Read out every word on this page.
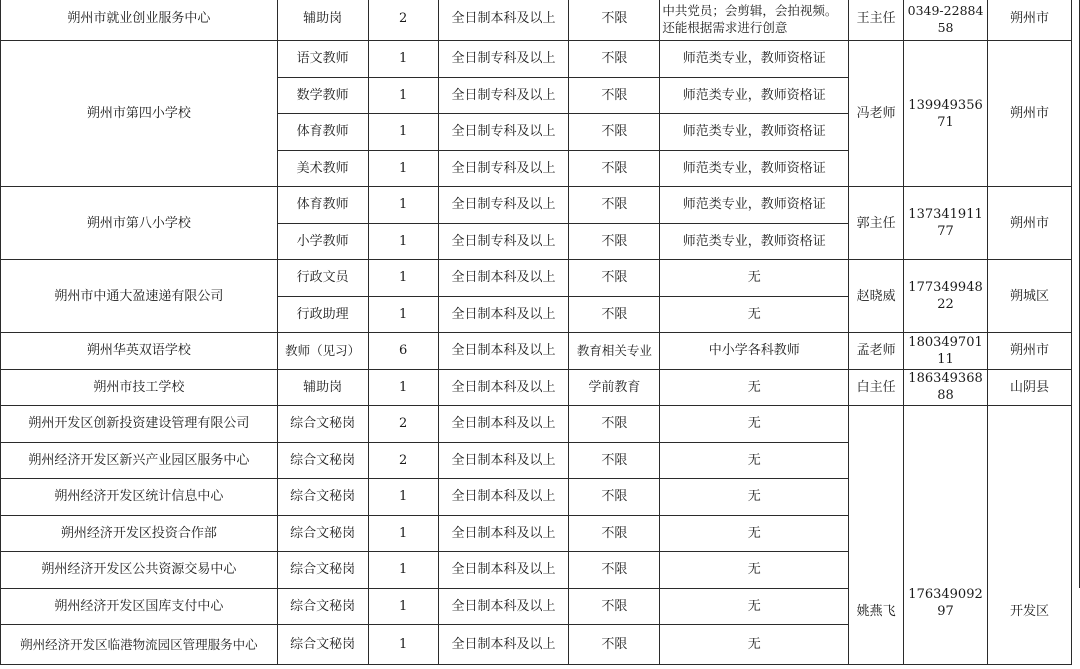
朔州市就业创业服务中心	辅助岗	2	全日制本科及以上	不限	中共党员；会剪辑，会拍视频。还能根据需求进行创意	王主任	0349-2288458	朔州市	
朔州市第四小学校	语文教师	1	全日制专科及以上	不限	师范类专业，教师资格证	冯老师	13994935671	朔州市	
	数学教师	1	全日制专科及以上	不限	师范类专业，教师资格证				
	体育教师	1	全日制专科及以上	不限	师范类专业，教师资格证				
	美术教师	1	全日制专科及以上	不限	师范类专业，教师资格证				
朔州市第八小学校	体育教师	1	全日制专科及以上	不限	师范类专业，教师资格证	郭主任	13734191177	朔州市	
	小学教师	1	全日制专科及以上	不限	师范类专业，教师资格证				
朔州市中通大盈速递有限公司	行政文员	1	全日制本科及以上	不限	无	赵晓威	17734994822	朔城区	
	行政助理	1	全日制本科及以上	不限	无				
朔州华英双语学校	教师（见习）	6	全日制本科及以上	教育相关专业	中小学各科教师	孟老师	18034970111	朔州市	
朔州市技工学校	辅助岗	1	全日制本科及以上	学前教育	无	白主任	18634936888	山阴县	
朔州开发区创新投资建设管理有限公司	综合文秘岗	2	全日制本科及以上	不限	无	姚燕飞	17634909297	开发区	
朔州经济开发区新兴产业园区服务中心	综合文秘岗	2	全日制本科及以上	不限	无				
朔州经济开发区统计信息中心	综合文秘岗	1	全日制本科及以上	不限	无				
朔州经济开发区投资合作部	综合文秘岗	1	全日制本科及以上	不限	无				
朔州经济开发区公共资源交易中心	综合文秘岗	1	全日制本科及以上	不限	无				
朔州经济开发区国库支付中心	综合文秘岗	1	全日制本科及以上	不限	无				
朔州经济开发区临港物流园区管理服务中心	综合文秘岗	1	全日制本科及以上	不限	无				
